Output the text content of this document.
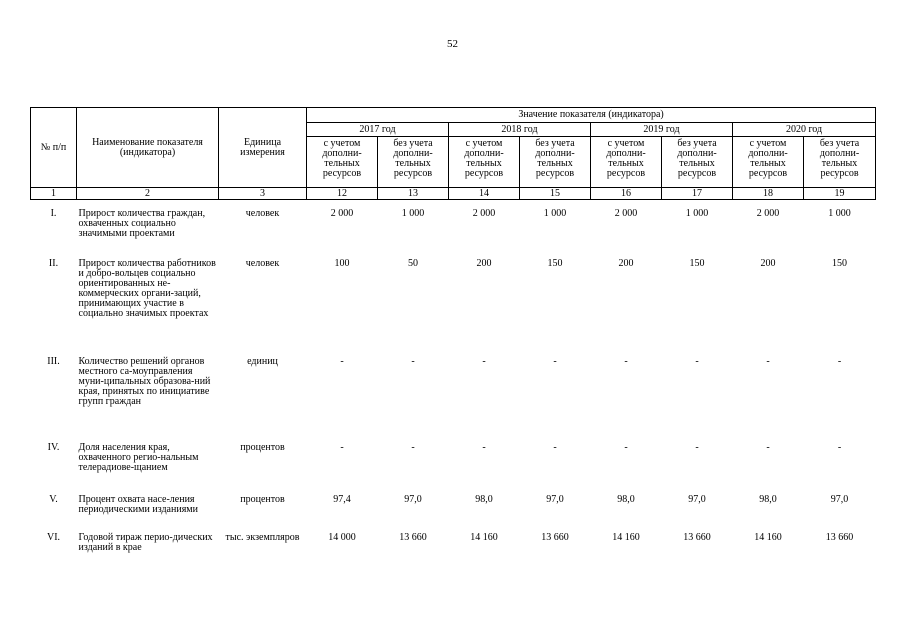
52
№ п/п	Наименование показателя (индикатора)	Единица измерения	Значение показателя (индикатора)							
			2017 год		2018 год		2019 год		2020 год	
			с учетом дополни-тельных ресурсов	без учета дополни-тельных ресурсов	с учетом дополни-тельных ресурсов	без учета дополни-тельных ресурсов	с учетом дополни-тельных ресурсов	без учета дополни-тельных ресурсов	с учетом дополни-тельных ресурсов	без учета дополни-тельных ресурсов
1	2	3	12	13	14	15	16	17	18	19

I.	Прирост количества граждан, охваченных социально значимыми проектами	человек	2 000	1 000	2 000	1 000	2 000	1 000	2 000	1 000
II.	Прирост количества работников и добро-вольцев социально ориентированных не-коммерческих органи-заций, принимающих участие в социально значимых проектах	человек	100	50	200	150	200	150	200	150
III.	Количество решений органов местного са-моуправления муни-ципальных образова-ний края, принятых по инициативе групп граждан	единиц	-	-	-	-	-	-	-	-
IV.	Доля населения края, охваченного регио-нальным телерадиове-щанием	процентов	-	-	-	-	-	-	-	-
V.	Процент охвата насе-ления периодическими изданиями	процентов	97,4	97,0	98,0	97,0	98,0	97,0	98,0	97,0
VI.	Годовой тираж перио-дических изданий в крае	тыс. экземпляров	14 000	13 660	14 160	13 660	14 160	13 660	14 160	13 660
